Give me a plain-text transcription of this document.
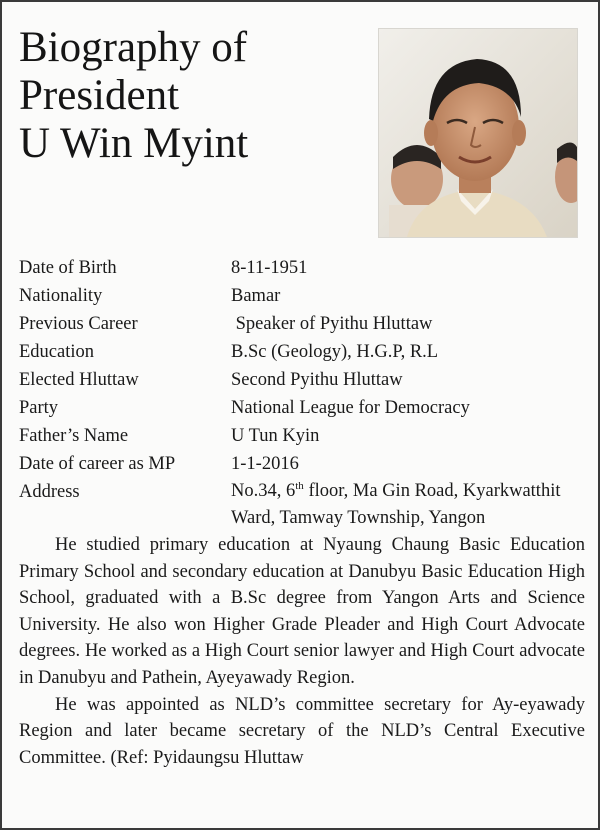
Biography of
President
U Win Myint
Date of Birth	8-11-1951
Nationality	Bamar
Previous Career	Speaker of Pyithu Hluttaw
Education	B.Sc (Geology), H.G.P, R.L
Elected Hluttaw	Second Pyithu Hluttaw
Party	National League for Democracy
Father’s Name	U Tun Kyin
Date of career as MP	1-1-2016
Address	No.34, 6th floor, Ma Gin Road, Kyarkwatthit Ward, Tamway Township, Yangon

He studied primary education at Nyaung Chaung Basic Education Primary School and secondary education at Danubyu Basic Education High School, graduated with a B.Sc degree from Yangon Arts and Science University. He also won Higher Grade Pleader and High Court Advocate degrees. He worked as a High Court senior lawyer and High Court advocate in Danubyu and Pathein, Ayeyawady Region.

He was appointed as NLD’s committee secretary for Ay-eyawady Region and later became secretary of the NLD’s Central Executive Committee. (Ref: Pyidaungsu Hluttaw
